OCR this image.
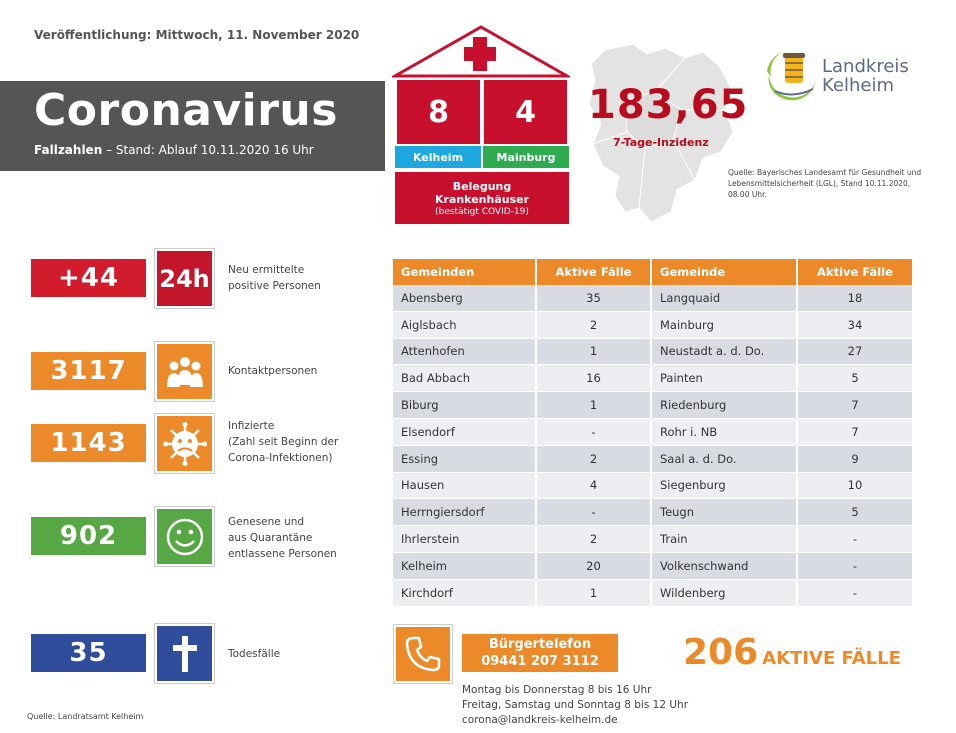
Veröffentlichung: Mittwoch, 11. November 2020
Coronavirus
Fallzahlen – Stand: Ablauf 10.11.2020 16 Uhr
8	4
Kelheim	Mainburg
Belegung
Krankenhäuser
(bestätigt COVID-19)
183,65
7-Tage-Inzidenz
Quelle: Bayerisches Landesamt für Gesundheit und Lebensmittelsicherheit (LGL), Stand 10.11.2020, 08.00 Uhr.
Landkreis
Kelheim
+44	24h Neu ermittelte
positive Personen
3117	Kontaktpersonen
1143
Infizierte
(Zahl seit Beginn der
Corona-Infektionen)
902	Genesene und
aus Quarantäne
entlassene Personen
35	Todesfälle
Quelle: Landratsamt Kelheim
Gemeinden	Aktive Fälle	Gemeinde	Aktive Fälle
Abensberg	35	Langquaid	18
Aiglsbach	2	Mainburg	34
Attenhofen	1	Neustadt a. d. Do.	27
Bad Abbach	16	Painten	5
Biburg	1	Riedenburg	7
Elsendorf	-	Rohr i. NB	7
Essing	2	Saal a. d. Do.	9
Hausen	4	Siegenburg	10
Herrngiersdorf	-	Teugn	5
Ihrlerstein	2	Train	-
Kelheim	20	Volkenschwand	-
Kirchdorf	1	Wildenberg	-
Bürgertelefon
09441 207 3112
Montag bis Donnerstag 8 bis 16 Uhr
Freitag, Samstag und Sonntag 8 bis 12 Uhr
corona@landkreis-kelheim.de
206 AKTIVE FÄLLE
